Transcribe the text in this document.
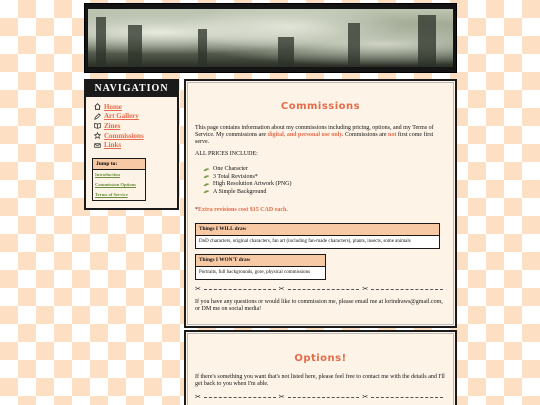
NAVIGATION
Home
Art Gallery
Zines
Commissions
Links
Jump to:
Introduction
Commission Options
Terms of Service
Commissions

This page contains information about my commissions including pricing, options, and my Terms of Service. My commissions are digital, and personal use only. Commissions are not first come first serve.

ALL PRICES INCLUDE:

One Character
3 Total Revisions*
High Resolution Artwork (PNG)
A Simple Background

*Extra revisions cost $15 CAD each.

Things I WILL draw
DnD characters, original characters, fan art (including fan-made characters), plants, insects, some animals
Things I WON'T draw
Portraits, full backgrounds, gore, physical commissions
✂	✂	✂

If you have any questions or would like to commission me, please email me at lorindraws@gmail.com, or DM me on social media!

Options!

If there's something you want that's not listed here, please feel free to contact me with the details and I'll get back to you when I'm able.

✂	✂	✂
